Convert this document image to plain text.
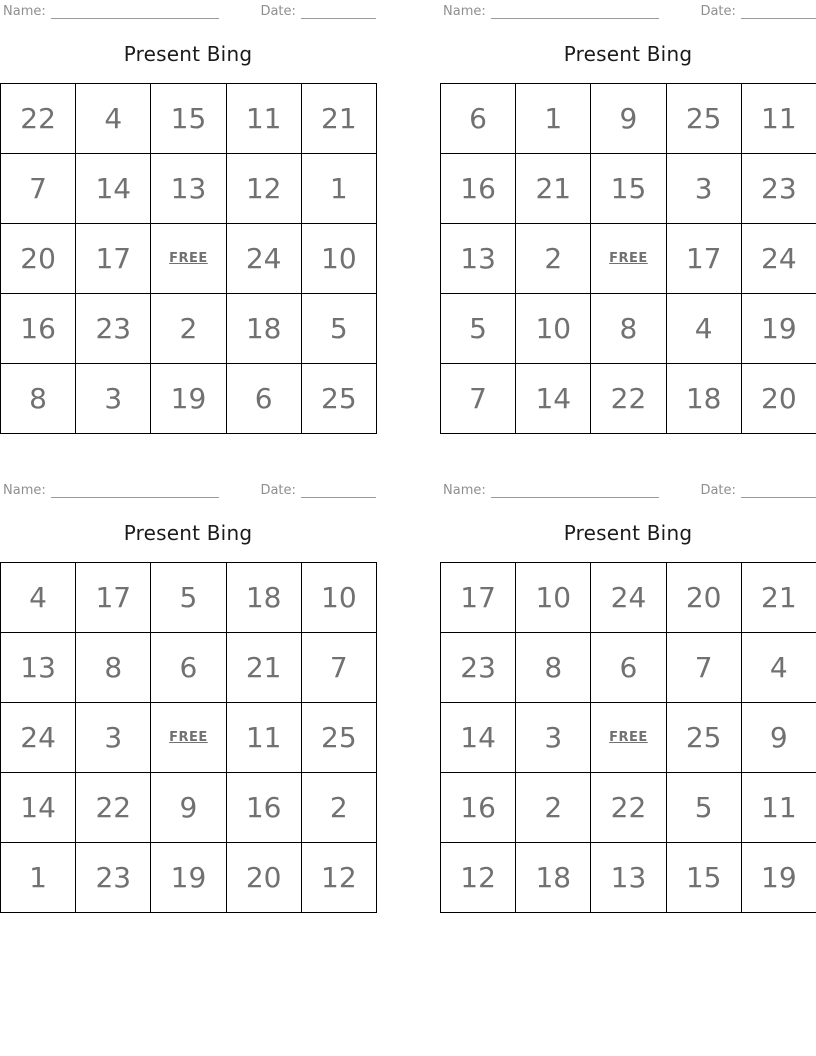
Name:	Date:
Present Bing
22	4	15	11	21
7	14	13	12	1
20	17	FREE	24	10
16	23	2	18	5
8	3	19	6	25
Name:	Date:
Present Bing
6	1	9	25	11
16	21	15	3	23
13	2	FREE	17	24
5	10	8	4	19
7	14	22	18	20
Name:	Date:
Present Bing
4	17	5	18	10
13	8	6	21	7
24	3	FREE	11	25
14	22	9	16	2
1	23	19	20	12
Name:	Date:
Present Bing
17	10	24	20	21
23	8	6	7	4
14	3	FREE	25	9
16	2	22	5	11
12	18	13	15	19
